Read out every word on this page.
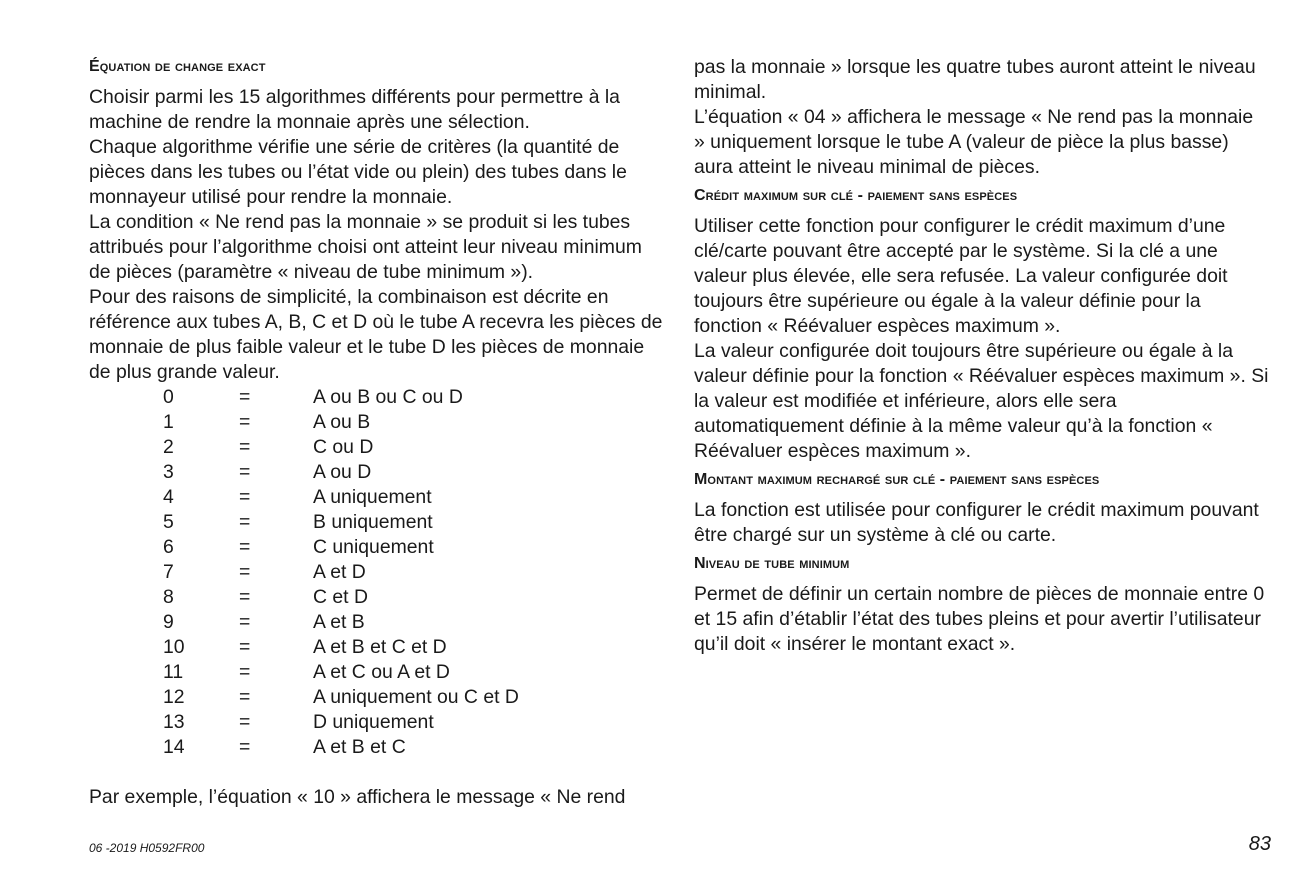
Équation de change exact

Choisir parmi les 15 algorithmes différents pour permettre à la machine de rendre la monnaie après une sélection.

Chaque algorithme vérifie une série de critères (la quantité de pièces dans les tubes ou l’état vide ou plein) des tubes dans le monnayeur utilisé pour rendre la monnaie.

La condition « Ne rend pas la monnaie » se produit si les tubes attribués pour l’algorithme choisi ont atteint leur niveau minimum de pièces (paramètre « niveau de tube minimum »).

Pour des raisons de simplicité, la combinaison est décrite en référence aux tubes A, B, C et D où le tube A recevra les pièces de monnaie de plus faible valeur et le tube D les pièces de monnaie de plus grande valeur.

0	=	A ou B ou C ou D
1	=	A ou B
2	=	C ou D
3	=	A ou D
4	=	A uniquement
5	=	B uniquement
6	=	C uniquement
7	=	A et D
8	=	C et D
9	=	A et B
10	=	A et B et C et D
11	=	A et C ou A et D
12	=	A uniquement ou C et D
13	=	D uniquement
14	=	A et B et C

Par exemple, l’équation « 10 » affichera le message « Ne rend

pas la monnaie » lorsque les quatre tubes auront atteint le niveau minimal.

L’équation « 04 » affichera le message « Ne rend pas la monnaie » uniquement lorsque le tube A (valeur de pièce la plus basse) aura atteint le niveau minimal de pièces.

Crédit maximum sur clé - paiement sans espèces

Utiliser cette fonction pour configurer le crédit maximum d’une clé/carte pouvant être accepté par le système. Si la clé a une valeur plus élevée, elle sera refusée. La valeur configurée doit toujours être supérieure ou égale à la valeur définie pour la fonction « Réévaluer espèces maximum ».

La valeur configurée doit toujours être supérieure ou égale à la valeur définie pour la fonction « Réévaluer espèces maximum ». Si la valeur est modifiée et inférieure, alors elle sera automatiquement définie à la même valeur qu’à la fonction « Réévaluer espèces maximum ».

Montant maximum rechargé sur clé - paiement sans espèces

La fonction est utilisée pour configurer le crédit maximum pouvant être chargé sur un système à clé ou carte.

Niveau de tube minimum

Permet de définir un certain nombre de pièces de monnaie entre 0 et 15 afin d’établir l’état des tubes pleins et pour avertir l’utilisateur qu’il doit « insérer le montant exact ».

06 -2019 H0592FR00	83
